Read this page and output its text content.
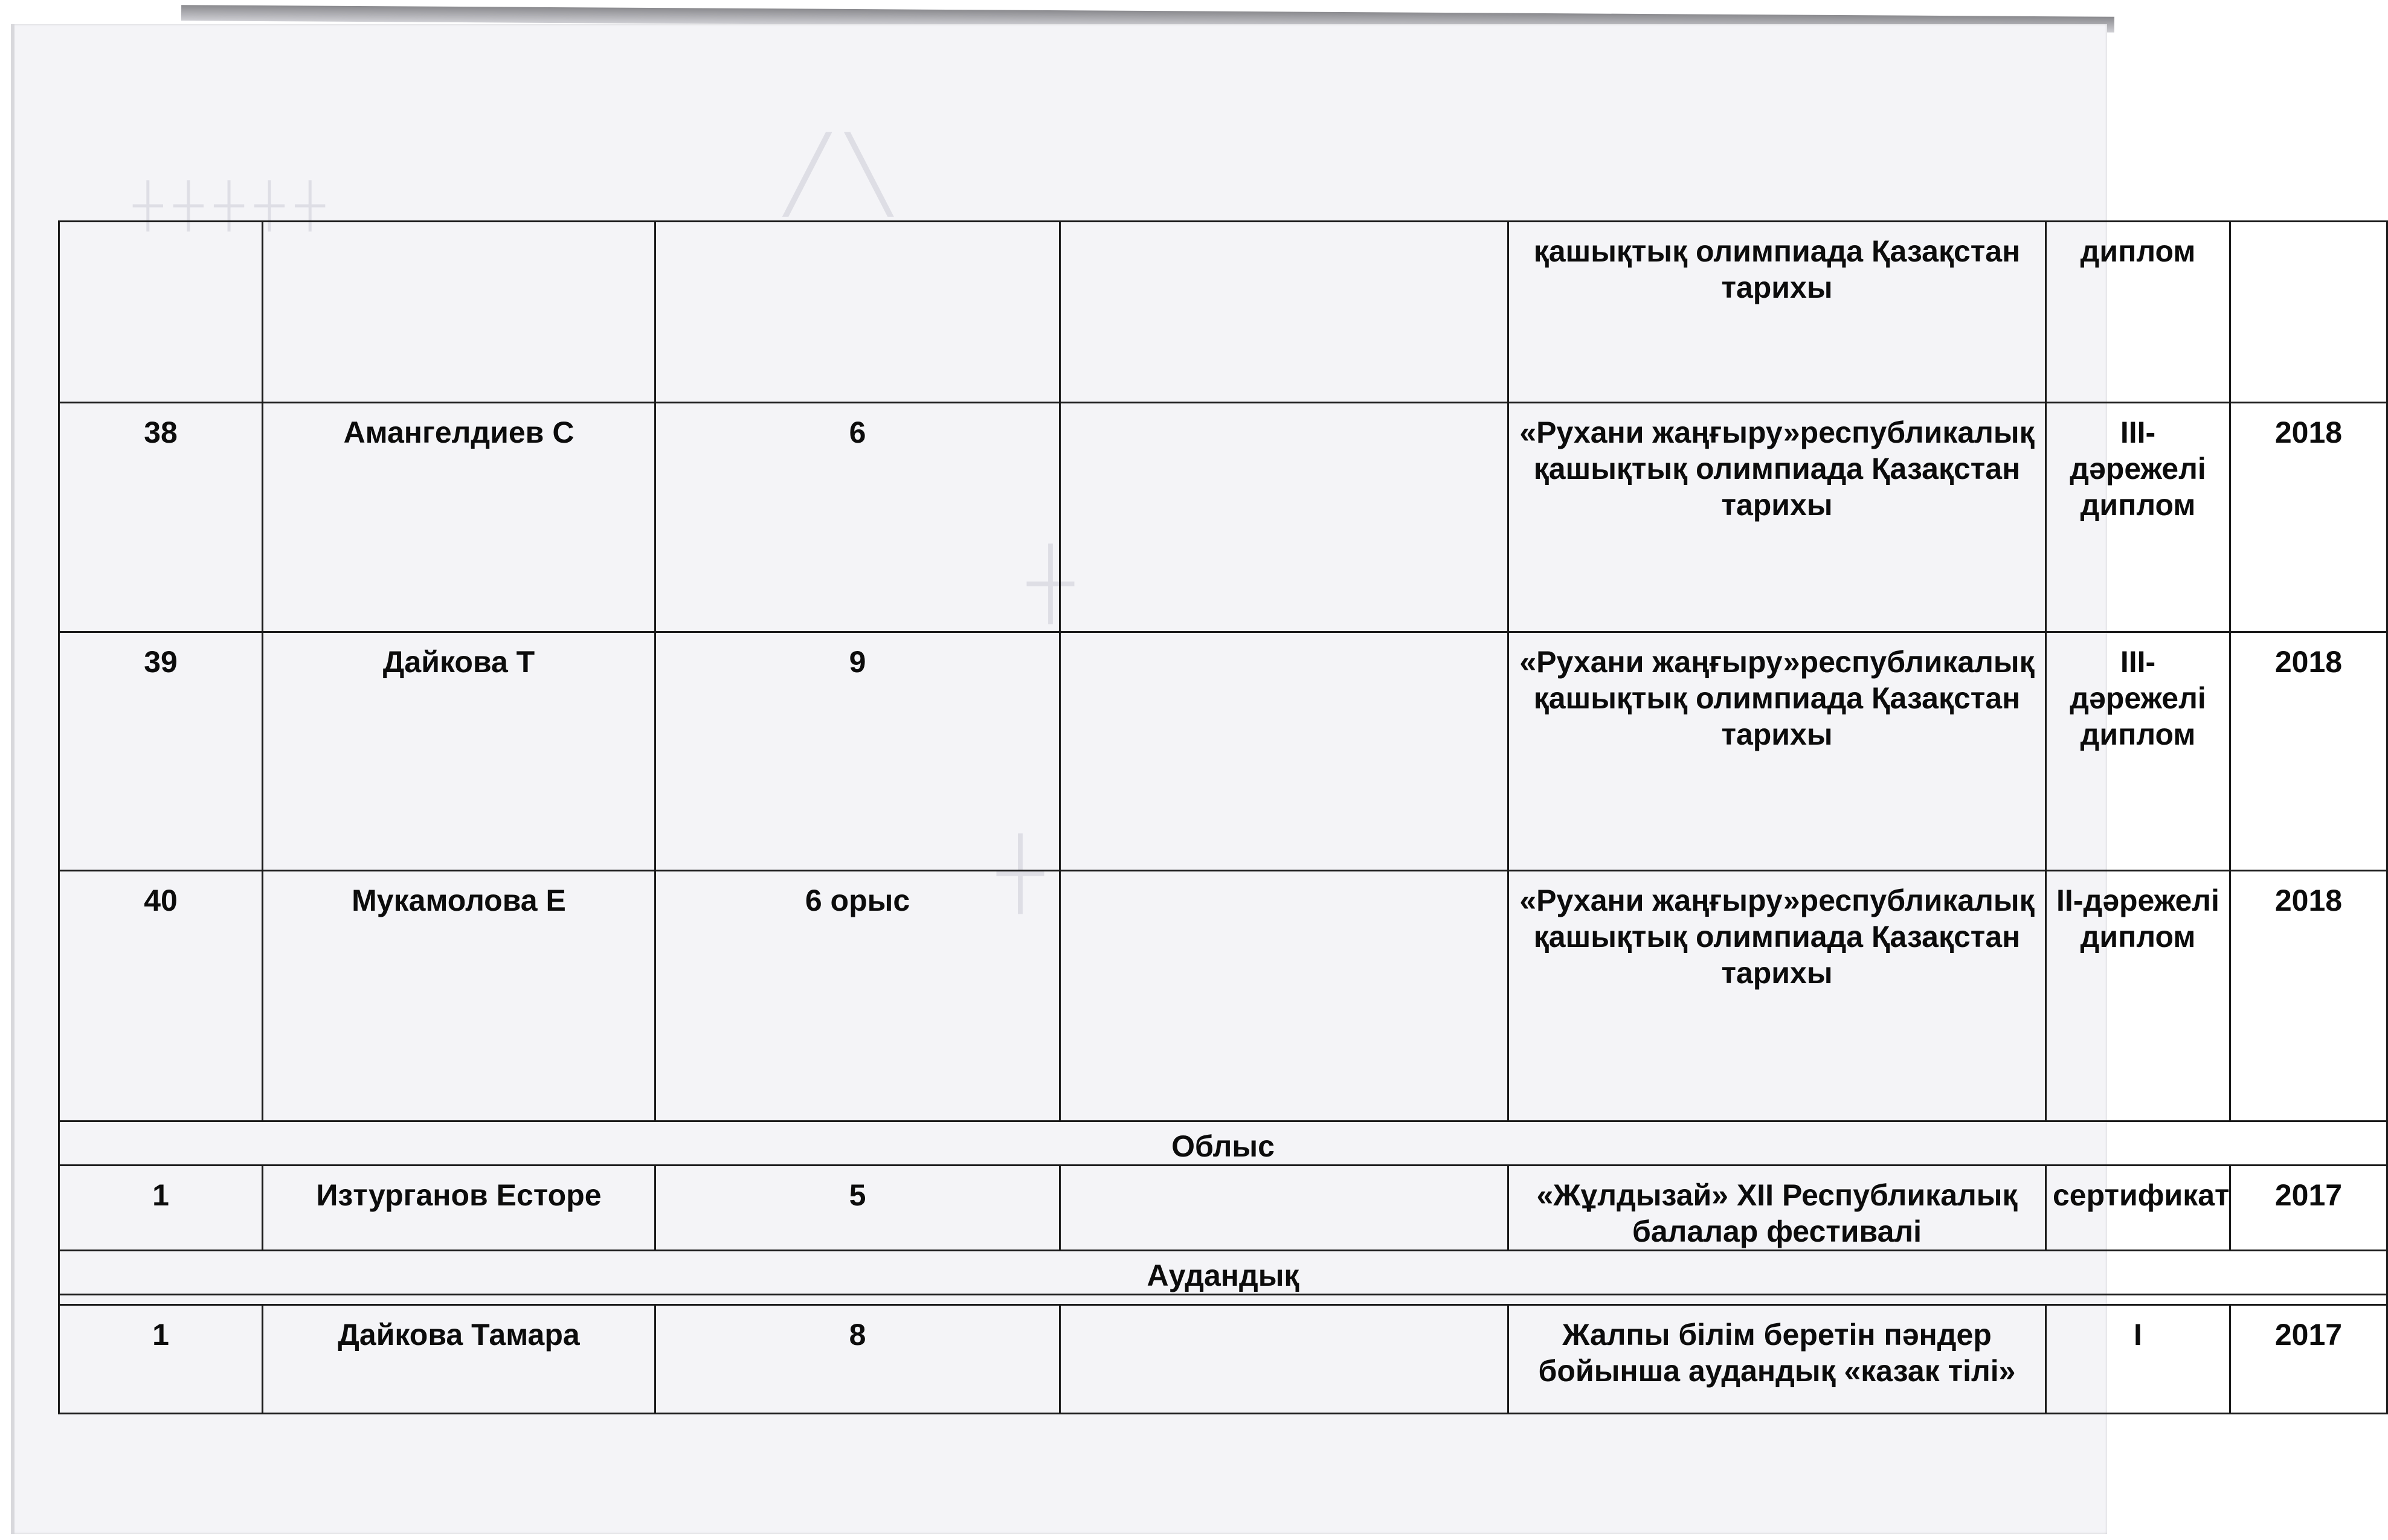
				қашықтық олимпиада Қазақстан тарихы	диплом	
38	Амангелдиев С	6		«Рухани жаңғыру»республикалық қашықтық олимпиада Қазақстан тарихы	ІІІ-дәрежелі диплом	2018
39	Дайкова Т	9		«Рухани жаңғыру»республикалық қашықтық олимпиада Қазақстан тарихы	ІІІ-дәрежелі диплом	2018
40	Мукамолова Е	6 орыс		«Рухани жаңғыру»республикалық қашықтық олимпиада Қазақстан тарихы	ІІ-дәрежелі диплом	2018
Облыс						
1	Изтурганов Есторе	5		«Жұлдызай» ХІІ Республикалық балалар фестивалі	сертификат	2017
Аудандық						

1	Дайкова Тамара	8		Жалпы білім беретін пәндер бойынша аудандық «казак тілі»	І	2017
